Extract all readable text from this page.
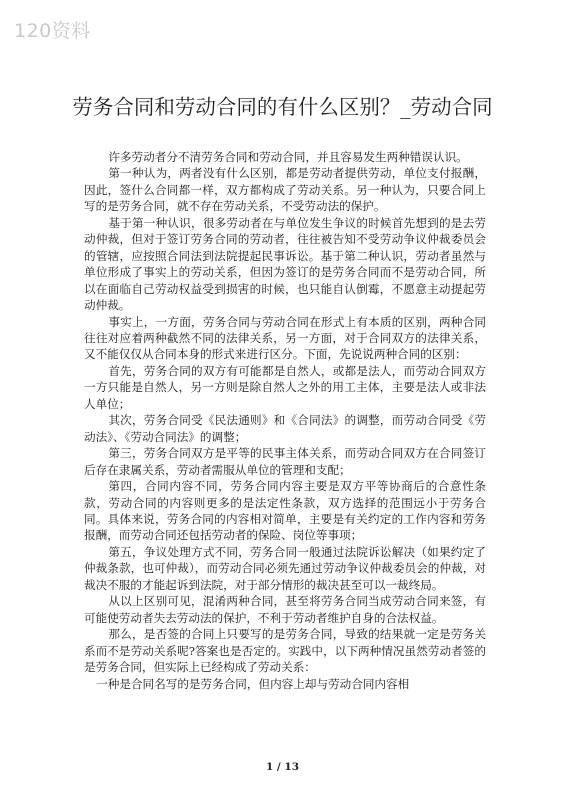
120资料
劳务合同和劳动合同的有什么区别？_劳动合同

许多劳动者分不清劳务合同和劳动合同，并且容易发生两种错误认识。

第一种认为，两者没有什么区别，都是劳动者提供劳动，单位支付报酬，因此，签什么合同都一样，双方都构成了劳动关系。另一种认为，只要合同上写的是劳务合同，就不存在劳动关系，不受劳动法的保护。

基于第一种认识，很多劳动者在与单位发生争议的时候首先想到的是去劳动仲裁，但对于签订劳务合同的劳动者，往往被告知不受劳动争议仲裁委员会的管辖，应按照合同法到法院提起民事诉讼。基于第二种认识，劳动者虽然与单位形成了事实上的劳动关系，但因为签订的是劳务合同而不是劳动合同，所以在面临自己劳动权益受到损害的时候，也只能自认倒霉，不愿意主动提起劳动仲裁。

事实上，一方面，劳务合同与劳动合同在形式上有本质的区别，两种合同往往对应着两种截然不同的法律关系，另一方面，对于合同双方的法律关系，又不能仅仅从合同本身的形式来进行区分。下面，先说说两种合同的区别：

首先，劳务合同的双方有可能都是自然人，或都是法人，而劳动合同双方一方只能是自然人，另一方则是除自然人之外的用工主体，主要是法人或非法人单位；

其次，劳务合同受《民法通则》和《合同法》的调整，而劳动合同受《劳动法》、《劳动合同法》的调整；

第三，劳务合同双方是平等的民事主体关系，而劳动合同双方在合同签订后存在隶属关系，劳动者需服从单位的管理和支配；

第四，合同内容不同，劳务合同内容主要是双方平等协商后的合意性条款，劳动合同的内容则更多的是法定性条款，双方选择的范围远小于劳务合同。具体来说，劳务合同的内容相对简单，主要是有关约定的工作内容和劳务报酬，而劳动合同还包括劳动者的保险、岗位等事项；

第五，争议处理方式不同，劳务合同一般通过法院诉讼解决（如果约定了仲裁条款，也可仲裁），而劳动合同必须先通过劳动争议仲裁委员会的仲裁，对裁决不服的才能起诉到法院，对于部分情形的裁决甚至可以一裁终局。

从以上区别可见，混淆两种合同，甚至将劳务合同当成劳动合同来签，有可能使劳动者失去劳动法的保护，不利于劳动者维护自身的合法权益。

那么，是否签的合同上只要写的是劳务合同，导致的结果就一定是劳务关系而不是劳动关系呢?答案也是否定的。实践中，以下两种情况虽然劳动者签的是劳务合同，但实际上已经构成了劳动关系：

一种是合同名写的是劳务合同，但内容上却与劳动合同内容相

1 / 13
